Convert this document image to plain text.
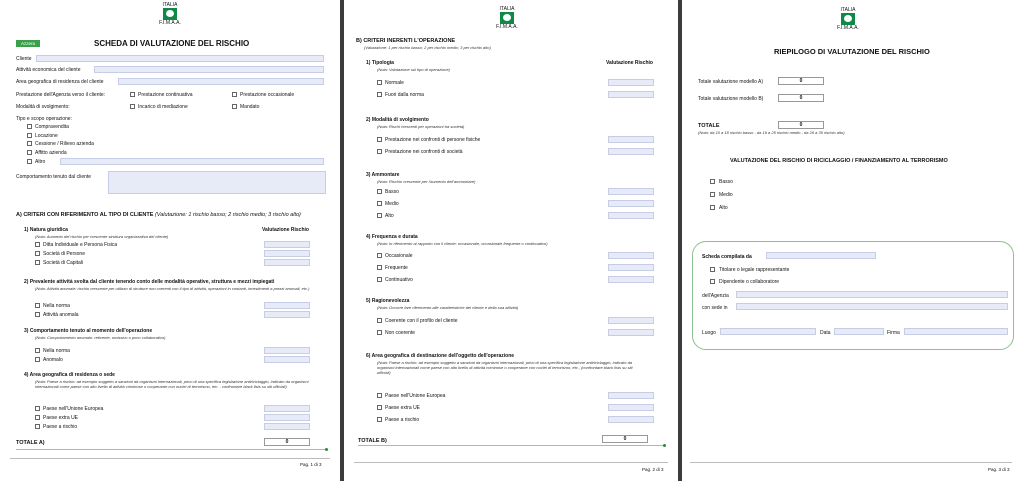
ITALIA
F.I.M.A.A.
Azzera	SCHEDA DI VALUTAZIONE DEL RISCHIO
Cliente
Attività economica del cliente
Area geografica di residenza del cliente
Prestazione dell'Agenzia verso il cliente:	Prestazione continuativa	Prestazione occasionale
Modalità di svolgimento:	Incarico di mediazione	Mandato
Tipo e scopo operazione:
Compravendita
Locazione
Cessione / Rilievo azienda
Affitto azienda
Altro
Comportamento tenuto dal cliente
A) CRITERI CON RIFERIMENTO AL TIPO DI CLIENTE (Valutazione: 1 rischio basso; 2 rischio medio; 3 rischio alto)
1) Natura giuridica	Valutazione Rischio
(Nota: Aumento del rischio per crescente struttura organizzativa del cliente)
Ditta Individuale e Persona Fisica
Società di Persone
Società di Capitali
2) Prevalente attività svolta dal cliente tenendo conto delle modalità operative, struttura e mezzi impiegati
(Nota: Attività anomale: rischio crescente per utilizzo di strutture non coerenti con il tipo di attività, operazioni in contanti, investimenti a prezzi anomali, etc.)
Nella norma
Attività anomala
3) Comportamento tenuto al momento dell'operazione
(Nota: Comportamento anomalo: reticente, omissivo o poco collaborativo)
Nella norma
Anomalo
4) Area geografica di residenza o sede
(Nota: Paese a rischio: ad esempio soggetto a sanzioni da organismi internazionali, privo di una specifica legislazione antiriciclaggio, indicato da organismi internazionali come paese con alto livello di attività criminose o cooperante con nuclei di terrorismo, etc. - confrontare black lists su siti ufficiali)
Paese nell'Unione Europea
Paese extra UE
Paese a rischio
TOTALE A)	0
Pag. 1 di 3
ITALIA
F.I.M.A.A.
B) CRITERI INERENTI L'OPERAZIONE
(Valutazione: 1 per rischio basso; 2 per rischio medio; 3 per rischio alto)
1) Tipologia	Valutazione Rischio
(Nota: Valutazione sul tipo di operazione)
Normale
Fuori dalla norma
2) Modalità di svolgimento
(Nota: Rischi crescenti per operazioni tra società)
Prestazione nei confronti di persone fisiche
Prestazione nei confronti di società
3) Ammontare
(Nota: Rischio crescente per l'aumento dell'ammontare)
Basso
Medio
Alto
4) Frequenza e durata
(Nota: In riferimento al rapporto con il cliente: occasionale, occasionale frequente o continuativo)
Occasionale
Frequente
Continuativo
5) Ragionevolezza
(Nota: Occorre fare riferimento alle caratteristiche del cliente e della sua attività)
Coerente con il profilo del cliente
Non coerente
6) Area geografica di destinazione dell'oggetto dell'operazione
(Nota: Paese a rischio: ad esempio soggetto a sanzioni da organismi internazionali, privo di una specifica legislazione antiriciclaggio, indicato da organismi internazionali come paese con alto livello di attività criminose o cooperante con nuclei di terrorismo, etc., (confrontare black lists su siti ufficiali)
Paese nell'Unione Europea
Paese extra UE
Paese a rischio
TOTALE B)	0
Pag. 2 di 3
ITALIA
F.I.M.A.A.
RIEPILOGO DI VALUTAZIONE DEL RISCHIO
Totale valutazione modello A)	0
Totale valutazione modello B)	0
TOTALE	0
(Nota: da 10 a 18 rischio basso - da 19 a 25 rischio medio - da 26 a 30 rischio alto)
VALUTAZIONE DEL RISCHIO DI RICICLAGGIO / FINANZIAMENTO AL TERRORISMO
Basso
Medio
Alto
Scheda compilata da
Titolare o legale rappresentante
Dipendente o collaboratore
dell'Agenzia
con sede in
Luogo	Data	Firma
Pag. 3 di 3
